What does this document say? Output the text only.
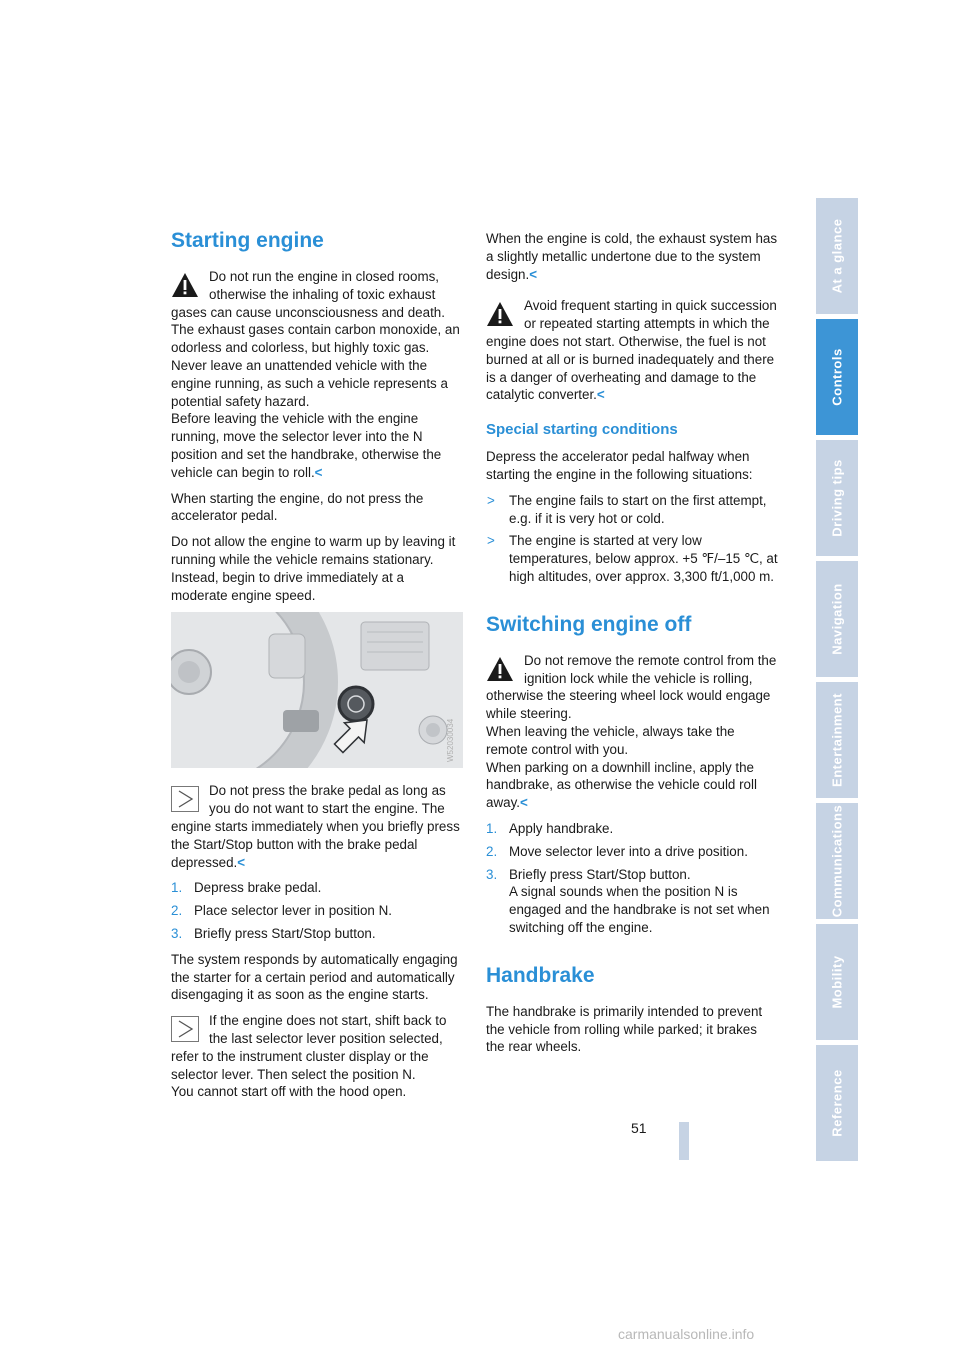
Starting engine
Do not run the engine in closed rooms, otherwise the inhaling of toxic exhaust gases can cause unconsciousness and death. The exhaust gases contain carbon monoxide, an odorless and colorless, but highly toxic gas. Never leave an unattended vehicle with the engine running, as such a vehicle represents a potential safety hazard.
Before leaving the vehicle with the engine running, move the selector lever into the N position and set the handbrake, otherwise the vehicle can begin to roll.<

When starting the engine, do not press the accelerator pedal.

Do not allow the engine to warm up by leaving it running while the vehicle remains stationary. Instead, begin to drive immediately at a moderate engine speed.

W52030034
Do not press the brake pedal as long as you do not want to start the engine. The engine starts immediately when you briefly press the Start/Stop button with the brake pedal depressed.<
1. Depress brake pedal.
2. Place selector lever in position N.
3. Briefly press Start/Stop button.

The system responds by automatically engaging the starter for a certain period and automatically disengaging it as soon as the engine starts.

If the engine does not start, shift back to the last selector lever position selected, refer to the instrument cluster display or the selector lever. Then select the position N.
You cannot start off with the hood open.

When the engine is cold, the exhaust system has a slightly metallic undertone due to the system design.<

Avoid frequent starting in quick succession or repeated starting attempts in which the engine does not start. Otherwise, the fuel is not burned at all or is burned inadequately and there is a danger of overheating and damage to the catalytic converter.<
Special starting conditions

Depress the accelerator pedal halfway when starting the engine in the following situations:

> The engine fails to start on the first attempt, e.g. if it is very hot or cold.
> The engine is started at very low temperatures, below approx. +5 ℉/–15 ℃, at high altitudes, over approx. 3,300 ft/1,000 m.
Switching engine off
Do not remove the remote control from the ignition lock while the vehicle is rolling, otherwise the steering wheel lock would engage while steering.
When leaving the vehicle, always take the remote control with you.
When parking on a downhill incline, apply the handbrake, as otherwise the vehicle could roll away.<
1. Apply handbrake.
2. Move selector lever into a drive position.
3. Briefly press Start/Stop button.
A signal sounds when the position N is engaged and the handbrake is not set when switching off the engine.
Handbrake

The handbrake is primarily intended to prevent the vehicle from rolling while parked; it brakes the rear wheels.

At a glance
Controls
Driving tips
Navigation
Entertainment
Communications
Mobility
Reference
51
carmanualsonline.info
